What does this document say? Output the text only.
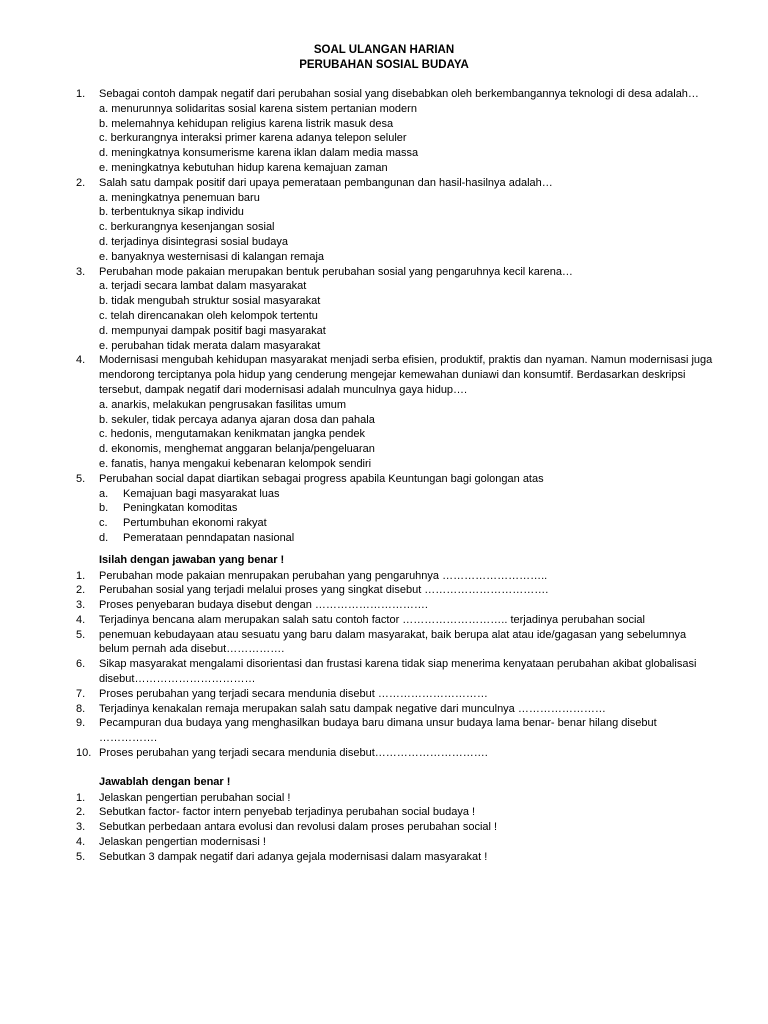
SOAL ULANGAN HARIAN
PERUBAHAN SOSIAL BUDAYA
1.	Sebagai contoh dampak negatif dari perubahan sosial yang disebabkan oleh berkembangannya teknologi di desa adalah…
a. menurunnya solidaritas sosial karena sistem pertanian modern
b. melemahnya kehidupan religius karena listrik masuk desa
c. berkurangnya interaksi primer karena adanya telepon seluler
d. meningkatnya konsumerisme karena iklan dalam media massa
e. meningkatnya kebutuhan hidup karena kemajuan zaman
2.	Salah satu dampak positif dari upaya pemerataan pembangunan dan hasil-hasilnya adalah…
a. meningkatnya penemuan baru
b. terbentuknya sikap individu
c. berkurangnya kesenjangan sosial
d. terjadinya disintegrasi sosial budaya
e. banyaknya westernisasi di kalangan remaja
3.	Perubahan mode pakaian merupakan bentuk perubahan sosial yang pengaruhnya kecil karena…
a. terjadi secara lambat dalam masyarakat
b. tidak mengubah struktur sosial masyarakat
c. telah direncanakan oleh kelompok tertentu
d. mempunyai dampak positif bagi masyarakat
e. perubahan tidak merata dalam masyarakat
4.	Modernisasi mengubah kehidupan masyarakat menjadi serba efisien, produktif, praktis dan nyaman. Namun modernisasi juga mendorong terciptanya pola hidup yang cenderung mengejar kemewahan duniawi dan konsumtif. Berdasarkan deskripsi tersebut, dampak negatif dari modernisasi adalah munculnya gaya hidup….
a. anarkis, melakukan pengrusakan fasilitas umum
b. sekuler, tidak percaya adanya ajaran dosa dan pahala
c. hedonis, mengutamakan kenikmatan jangka pendek
d. ekonomis, menghemat anggaran belanja/pengeluaran
e. fanatis, hanya mengakui kebenaran kelompok sendiri
5.	Perubahan social dapat diartikan sebagai progress apabila Keuntungan bagi golongan atas
a.	Kemajuan bagi masyarakat luas
b.	Peningkatan komoditas
c.	Pertumbuhan ekonomi rakyat
d.	Pemerataan penndapatan nasional
Isilah dengan jawaban yang benar !
1.	Perubahan mode pakaian menrupakan perubahan yang pengaruhnya ………………………..
2.	Perubahan sosial yang terjadi melalui proses yang singkat disebut …………………………….
3.	Proses penyebaran budaya disebut dengan ………………………….
4.	Terjadinya bencana alam merupakan salah satu contoh factor ……………………….. terjadinya perubahan social
5.	penemuan kebudayaan atau sesuatu yang baru dalam masyarakat, baik berupa alat atau ide/gagasan yang sebelumnya belum pernah ada disebut…………….
6.	Sikap masyarakat mengalami disorientasi dan frustasi karena tidak siap menerima kenyataan perubahan akibat globalisasi disebut……………………………
7.	Proses perubahan yang terjadi secara mendunia disebut …………………………
8.	Terjadinya kenakalan remaja merupakan salah satu dampak negative dari munculnya ……………………
9.	Pecampuran dua budaya yang menghasilkan budaya baru dimana unsur budaya lama benar- benar hilang disebut …………….
10. Proses perubahan yang terjadi secara mendunia disebut………………………….
Jawablah dengan benar !
1.	Jelaskan pengertian perubahan social !
2.	Sebutkan factor- factor intern penyebab terjadinya perubahan social budaya !
3.	Sebutkan perbedaan antara evolusi dan revolusi dalam proses perubahan social !
4.	Jelaskan pengertian modernisasi !
5.	Sebutkan 3 dampak negatif dari adanya gejala modernisasi dalam masyarakat !
